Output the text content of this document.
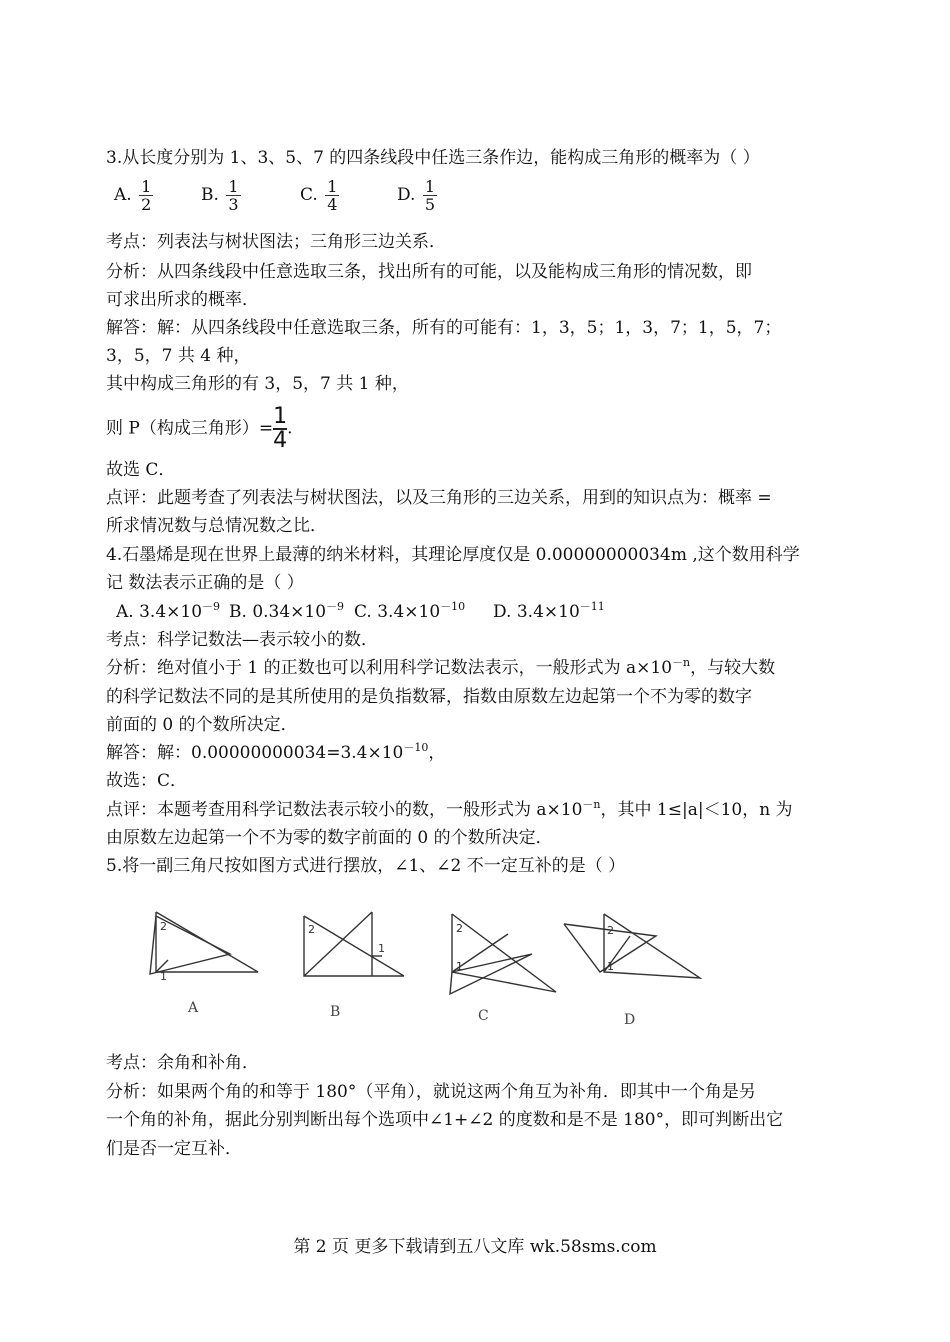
3.从长度分别为 1、3、5、7 的四条线段中任选三条作边，能构成三角形的概率为（ ）
A. $\frac{1}{2}$	B. $\frac{1}{3}$	C. $\frac{1}{4}$	D. $\frac{1}{5}$
考点：列表法与树状图法；三角形三边关系．
分析：从四条线段中任意选取三条，找出所有的可能，以及能构成三角形的情况数，即
可求出所求的概率．
解答：解：从四条线段中任意选取三条，所有的可能有：1，3，5；1，3，7；1，5，7；
3，5，7 共 4 种，
其中构成三角形的有 3，5，7 共 1 种，
则 P（构成三角形）= $\frac{1}{4}$ .
故选 C．
点评：此题考查了列表法与树状图法，以及三角形的三边关系，用到的知识点为：概率 =
所求情况数与总情况数之比．
4.石墨烯是现在世界上最薄的纳米材料，其理论厚度仅是 0.00000000034m ,这个数用科学
记 数法表示正确的是（ ）
A. $3.4\times 10^{-9}$ B. $0.34\times 10^{-9}$ C. $3.4\times 10^{-10}$ D. $3.4\times 10^{-11}$
考点：科学记数法—表示较小的数．
分析：绝对值小于 1 的正数也可以利用科学记数法表示，一般形式为 $a\times 10^{-n}$，与较大数
的科学记数法不同的是其所使用的是负指数幂，指数由原数左边起第一个不为零的数字
前面的 0 的个数所决定．
解答：解：$0.00000000034=3.4\times 10^{-10}$，
故选：C．
点评：本题考查用科学记数法表示较小的数，一般形式为 $a\times 10^{-n}$，其中 1≤|a|＜10，n 为
由原数左边起第一个不为零的数字前面的 0 的个数所决定．
5.将一副三角尺按如图方式进行摆放，∠1、∠2 不一定互补的是（ ）
2
1
2
1
2
1
2
1
A	B	C	D
考点：余角和补角．
分析：如果两个角的和等于 180°（平角），就说这两个角互为补角．即其中一个角是另
一个角的补角，据此分别判断出每个选项中∠1+∠2 的度数和是不是 180°，即可判断出它
们是否一定互补．
第 2 页 更多下载请到五八文库 wk.58sms.com
